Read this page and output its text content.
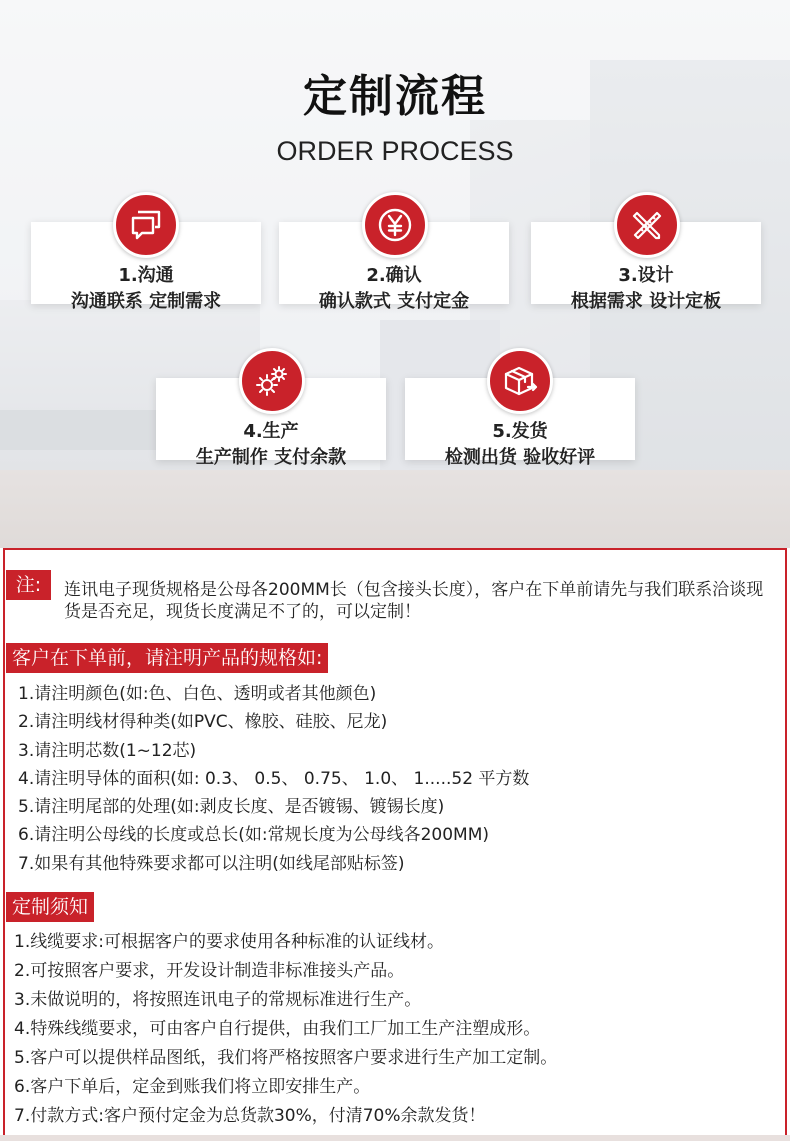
定制流程
ORDER PROCESS
1.沟通
沟通联系 定制需求
2.确认
确认款式 支付定金
3.设计
根据需求 设计定板
4.生产
生产制作 支付余款
5.发货
检测出货 验收好评
注:	连讯电子现货规格是公母各200MM长（包含接头长度），客户在下单前请先与我们联系洽谈现货是否充足，现货长度满足不了的，可以定制！
客户在下单前，请注明产品的规格如:
1.请注明颜色(如:色、白色、透明或者其他颜色)
2.请注明线材得种类(如PVC、橡胶、硅胶、尼龙)
3.请注明芯数(1~12芯)
4.请注明导体的面积(如: 0.3、 0.5、 0.75、 1.0、 1.....52 平方数
5.请注明尾部的处理(如:剥皮长度、是否镀锡、镀锡长度)
6.请注明公母线的长度或总长(如:常规长度为公母线各200MM)
7.如果有其他特殊要求都可以注明(如线尾部贴标签)
定制须知
1.线缆要求:可根据客户的要求使用各种标准的认证线材。
2.可按照客户要求，开发设计制造非标准接头产品。
3.未做说明的，将按照连讯电子的常规标准进行生产。
4.特殊线缆要求，可由客户自行提供，由我们工厂加工生产注塑成形。
5.客户可以提供样品图纸，我们将严格按照客户要求进行生产加工定制。
6.客户下单后，定金到账我们将立即安排生产。
7.付款方式:客户预付定金为总货款30%，付清70%余款发货！
